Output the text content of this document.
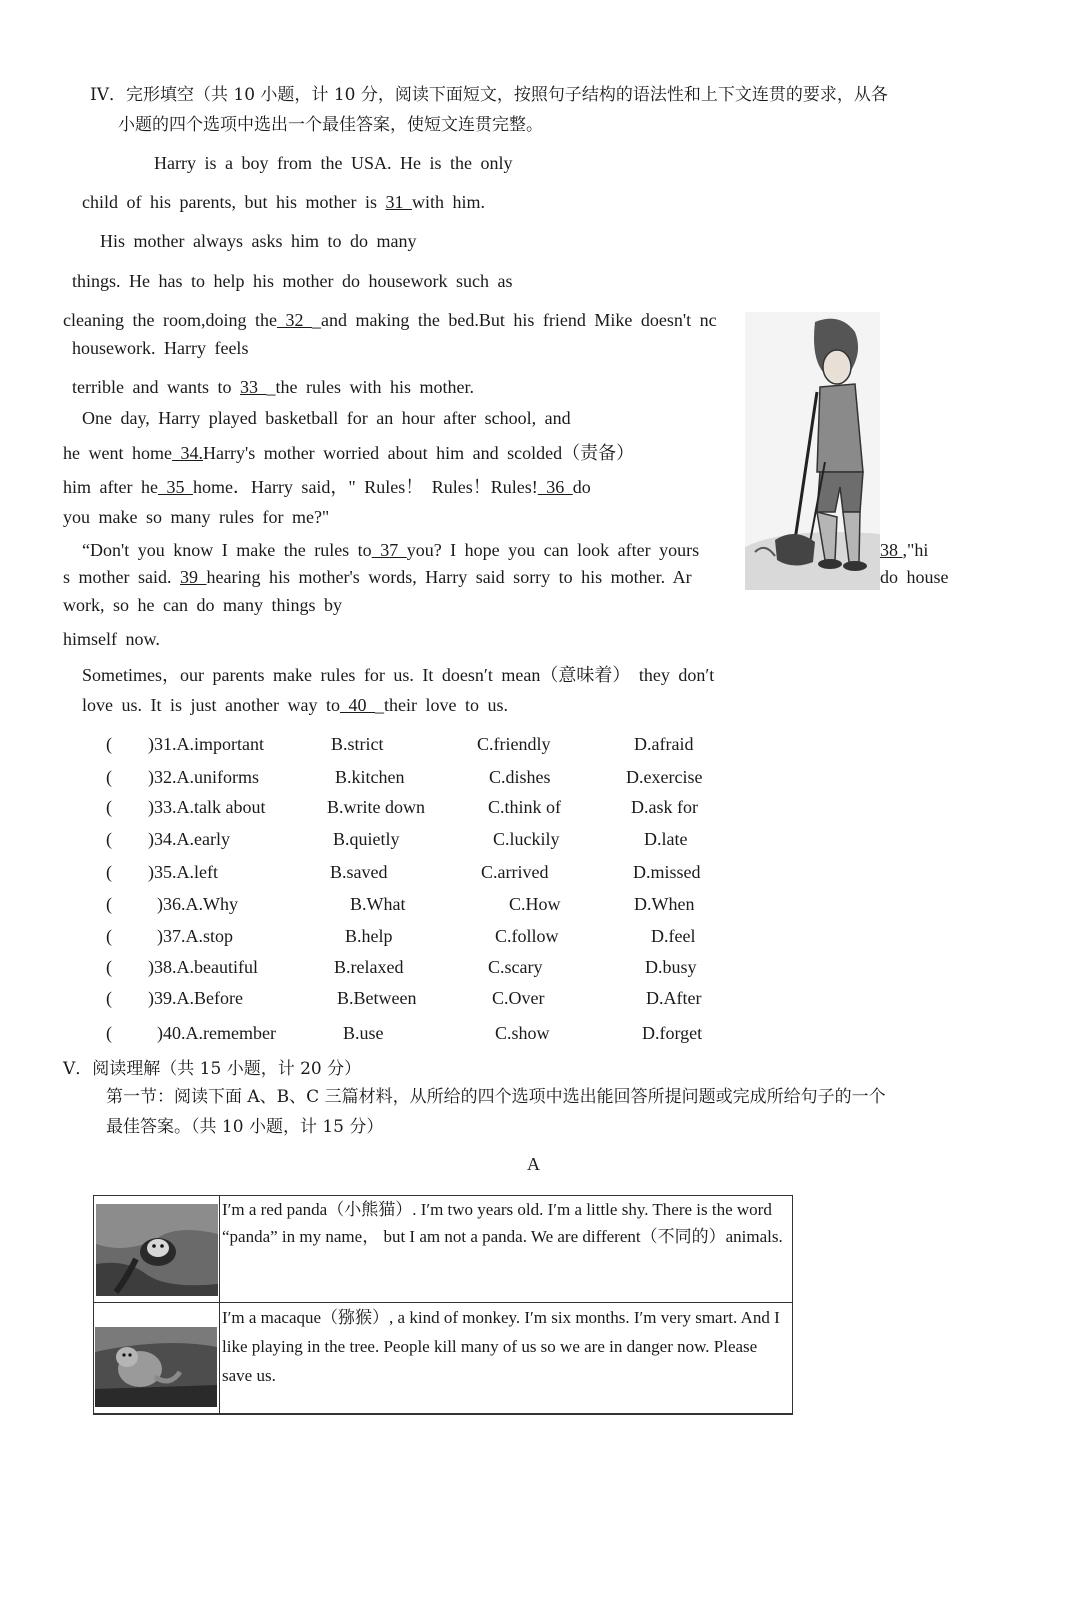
IV．完形填空（共 10 小题，计 10 分，阅读下面短文，按照句子结构的语法性和上下文连贯的要求，从各
小题的四个选项中选出一个最佳答案，使短文连贯完整。
Harry is a boy from the USA. He is the only
child of his parents, but his mother is 31 with him.
His mother always asks him to do many
things. He has to help his mother do housework such as
cleaning the room,doing the 32 _and making the bed.But his friend Mike doesn't nc
housework. Harry feels
terrible and wants to 33 _the rules with his mother.
One day, Harry played basketball for an hour after school, and
he went home 34.Harry's mother worried about him and scolded（责备）
him after he 35 home．Harry said，" Rules！ Rules！Rules! 36 do
you make so many rules for me?"
“Don't you know I make the rules to 37 you? I hope you can look after yours	38 ,"hi
s mother said. 39 hearing his mother's words, Harry said sorry to his mother. Ar	do house
work, so he can do many things by
himself now.
Sometimes，our parents make rules for us. It doesn′t mean（意味着） they don′t
love us. It is just another way to 40 _their love to us.
( )31.A.important	B.strict	C.friendly	D.afraid
( )32.A.uniforms	B.kitchen	C.dishes	D.exercise
( )33.A.talk about	B.write down	C.think of	D.ask for
( )34.A.early	B.quietly	C.luckily	D.late
( )35.A.left	B.saved	C.arrived	D.missed
(	)36.A.Why	B.What	C.How	D.When
(	)37.A.stop	B.help	C.follow	D.feel
( )38.A.beautiful	B.relaxed	C.scary	D.busy
( )39.A.Before	B.Between	C.Over	D.After
(	)40.A.remember	B.use	C.show	D.forget
V．阅读理解（共 15 小题，计 20 分）
第一节：阅读下面 A、B、C 三篇材料，从所给的四个选项中选出能回答所提问题或完成所给句子的一个
最佳答案。（共 10 小题，计 15 分）
A
I′m a red panda（小熊猫）. I′m two years old. I′m a little shy. There is the word “panda” in my name， but I am not a panda. We are different（不同的）animals.
I′m a macaque（猕猴）, a kind of monkey. I′m six months. I′m very smart. And I like playing in the tree. People kill many of us so we are in danger now. Please save us.
